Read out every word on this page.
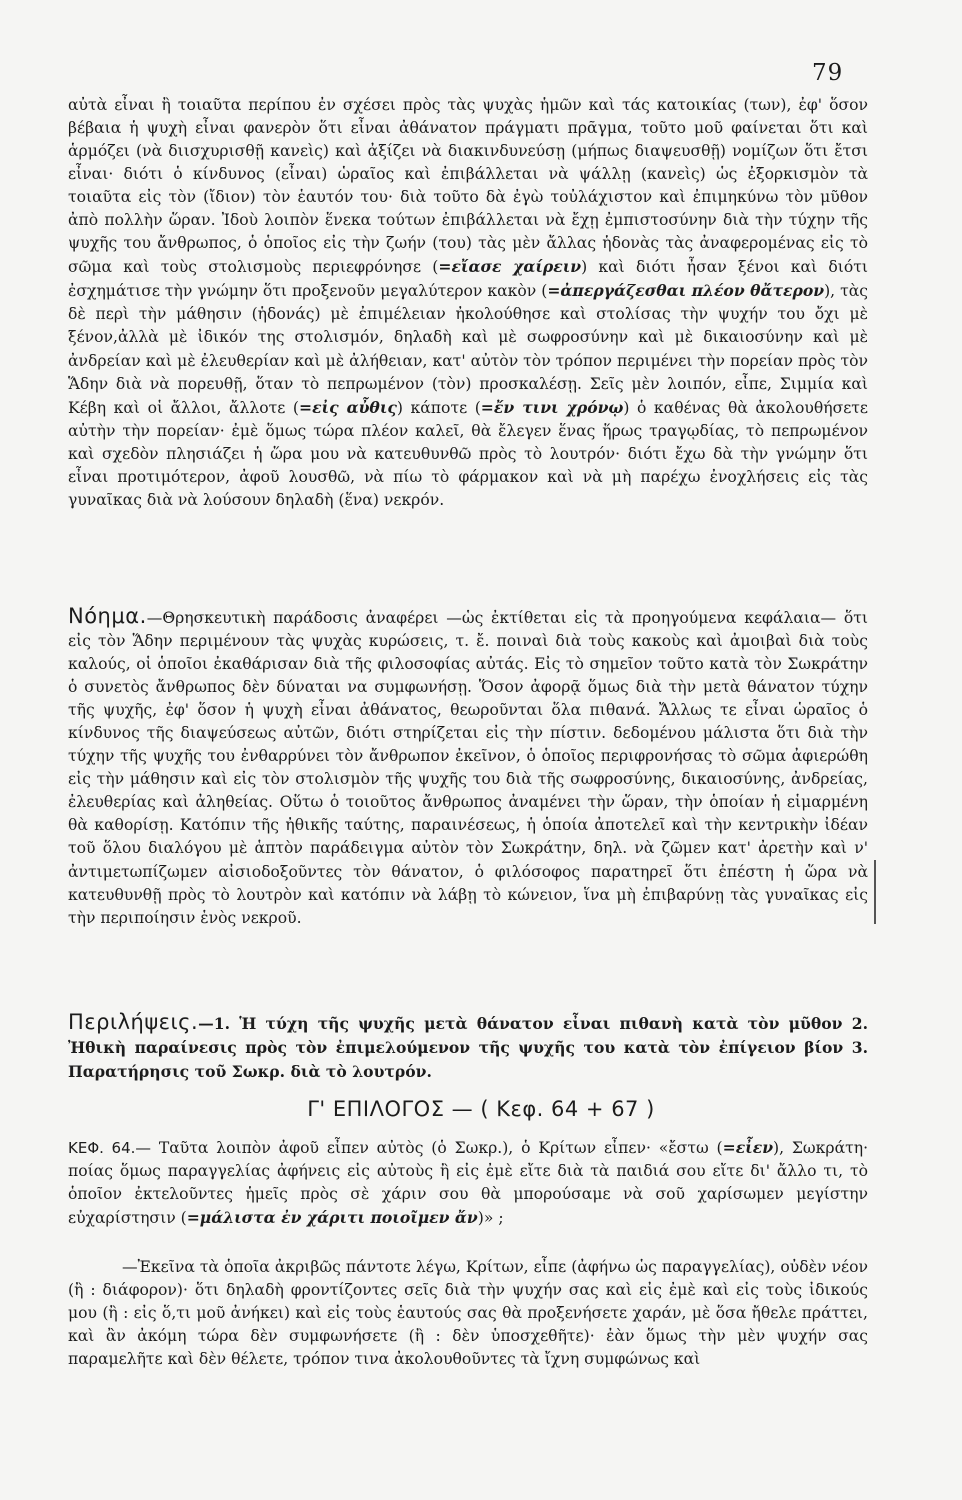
79
αὐτὰ εἶναι ἢ τοιαῦτα περίπου ἐν σχέσει πρὸς τὰς ψυχὰς ἡμῶν καὶ τάς κατοικίας (των), ἐφ' ὅσον βέβαια ἡ ψυχὴ εἶναι φανερὸν ὅτι εἶναι ἀθάνατον πράγματι πρᾶγμα, τοῦτο μοῦ φαίνεται ὅτι καὶ ἁρμόζει (νὰ διισχυρισθῇ κανεὶς) καὶ ἀξίζει νὰ διακινδυνεύσῃ (μήπως διαψευσθῇ) νομίζων ὅτι ἔτσι εἶναι· διότι ὁ κίνδυνος (εἶναι) ὡραῖος καὶ ἐπιβάλλεται νὰ ψάλλῃ (κανεὶς) ὡς ἐξορκισμὸν τὰ τοιαῦτα εἰς τὸν (ἴδιον) τὸν ἑαυτόν του· διὰ τοῦτο δὰ ἐγὼ τοὐλάχιστον καὶ ἐπιμηκύνω τὸν μῦθον ἀπὸ πολλὴν ὥραν. Ἰδοὺ λοιπὸν ἕνεκα τούτων ἐπιβάλλεται νὰ ἔχῃ ἐμπιστοσύνην διὰ τὴν τύχην τῆς ψυχῆς του ἄνθρωπος, ὁ ὁποῖος εἰς τὴν ζωήν (του) τὰς μὲν ἄλλας ἡδονὰς τὰς ἀναφερομένας εἰς τὸ σῶμα καὶ τοὺς στολισμοὺς περιεφρόνησε (=εἴασε χαίρειν) καὶ διότι ἦσαν ξένοι καὶ διότι ἐσχημάτισε τὴν γνώμην ὅτι προξενοῦν μεγαλύτερον κακὸν (=ἀπεργάζεσθαι πλέον θἄτερον), τὰς δὲ περὶ τὴν μάθησιν (ἡδονάς) μὲ ἐπιμέλειαν ἠκολούθησε καὶ στολίσας τὴν ψυχήν του ὄχι μὲ ξένον,ἀλλὰ μὲ ἰδικόν της στολισμόν, δηλαδὴ καὶ μὲ σωφροσύνην καὶ μὲ δικαιοσύνην καὶ μὲ ἀνδρείαν καὶ μὲ ἐλευθερίαν καὶ μὲ ἀλήθειαν, κατ' αὐτὸν τὸν τρόπον περιμένει τὴν πορείαν πρὸς τὸν Ἅδην διὰ νὰ πορευθῇ, ὅταν τὸ πεπρωμένον (τὸν) προσκαλέσῃ. Σεῖς μὲν λοιπόν, εἶπε, Σιμμία καὶ Κέβη καὶ οἱ ἄλλοι, ἄλλοτε (=εἰς αὖθις) κάποτε (=ἔν τινι χρόνῳ) ὁ καθένας θὰ ἀκολουθήσετε αὐτὴν τὴν πορείαν· ἐμὲ ὅμως τώρα πλέον καλεῖ, θὰ ἔλεγεν ἕνας ἥρως τραγῳδίας, τὸ πεπρωμένον καὶ σχεδὸν πλησιάζει ἡ ὥρα μου νὰ κατευθυνθῶ πρὸς τὸ λουτρόν· διότι ἔχω δὰ τὴν γνώμην ὅτι εἶναι προτιμότερον, ἀφοῦ λουσθῶ, νὰ πίω τὸ φάρμακον καὶ νὰ μὴ παρέχω ἐνοχλήσεις εἰς τὰς γυναῖκας διὰ νὰ λούσουν δηλαδὴ (ἕνα) νεκρόν.
Νόημα.—Θρησκευτικὴ παράδοσις ἀναφέρει —ὡς ἐκτίθεται εἰς τὰ προηγούμενα κεφάλαια— ὅτι εἰς τὸν Ἅδην περιμένουν τὰς ψυχὰς κυρώσεις, τ. ἔ. ποιναὶ διὰ τοὺς κακοὺς καὶ ἀμοιβαὶ διὰ τοὺς καλούς, οἱ ὁποῖοι ἐκαθάρισαν διὰ τῆς φιλοσοφίας αὐτάς. Εἰς τὸ σημεῖον τοῦτο κατὰ τὸν Σωκράτην ὁ συνετὸς ἄνθρωπος δὲν δύναται να συμφωνήσῃ. Ὅσον ἀφορᾷ ὅμως διὰ τὴν μετὰ θάνατον τύχην τῆς ψυχῆς, ἐφ' ὅσον ἡ ψυχὴ εἶναι ἀθάνατος, θεωροῦνται ὅλα πιθανά. Ἄλλως τε εἶναι ὡραῖος ὁ κίνδυνος τῆς διαψεύσεως αὐτῶν, διότι στηρίζεται εἰς τὴν πίστιν. δεδομένου μάλιστα ὅτι διὰ τὴν τύχην τῆς ψυχῆς του ἐνθαρρύνει τὸν ἄνθρωπον ἐκεῖνον, ὁ ὁποῖος περιφρονήσας τὸ σῶμα ἀφιερώθη εἰς τὴν μάθησιν καὶ εἰς τὸν στολισμὸν τῆς ψυχῆς του διὰ τῆς σωφροσύνης, δικαιοσύνης, ἀνδρείας, ἐλευθερίας καὶ ἀληθείας. Οὕτω ὁ τοιοῦτος ἄνθρωπος ἀναμένει τὴν ὥραν, τὴν ὁποίαν ἡ εἱμαρμένη θὰ καθορίσῃ. Κατόπιν τῆς ἠθικῆς ταύτης, παραινέσεως, ἡ ὁποία ἀποτελεῖ καὶ τὴν κεντρικὴν ἰδέαν τοῦ ὅλου διαλόγου μὲ ἁπτὸν παράδειγμα αὐτὸν τὸν Σωκράτην, δηλ. νὰ ζῶμεν κατ' ἀρετὴν καὶ ν' ἀντιμετωπίζωμεν αἰσιοδοξοῦντες τὸν θάνατον, ὁ φιλόσοφος παρατηρεῖ ὅτι ἐπέστη ἡ ὥρα νὰ κατευθυνθῇ πρὸς τὸ λουτρὸν καὶ κατόπιν νὰ λάβῃ τὸ κώνειον, ἵνα μὴ ἐπιβαρύνῃ τὰς γυναῖκας εἰς τὴν περιποίησιν ἑνὸς νεκροῦ.
Περιλήψεις.—1. Ἡ τύχη τῆς ψυχῆς μετὰ θάνατον εἶναι πιθανὴ κατὰ τὸν μῦθον 2. Ἠθικὴ παραίνεσις πρὸς τὸν ἐπιμελούμενον τῆς ψυχῆς του κατὰ τὸν ἐπίγειον βίον 3. Παρατήρησις τοῦ Σωκρ. διὰ τὸ λουτρόν.
Γ' ΕΠΙΛΟΓΟΣ — ( Κεφ. 64 + 67 )
ΚΕΦ. 64.— Ταῦτα λοιπὸν ἀφοῦ εἶπεν αὐτὸς (ὁ Σωκρ.), ὁ Κρίτων εἶπεν· «ἔστω (=εἶεν), Σωκράτη· ποίας ὅμως παραγγελίας ἀφήνεις εἰς αὐτοὺς ἢ εἰς ἐμὲ εἴτε διὰ τὰ παιδιά σου εἴτε δι' ἄλλο τι, τὸ ὁποῖον ἐκτελοῦντες ἡμεῖς πρὸς σὲ χάριν σου θὰ μπορούσαμε νὰ σοῦ χαρίσωμεν μεγίστην εὐχαρίστησιν (=μάλιστα ἐν χάριτι ποιοῖμεν ἄν)» ;
—Ἐκεῖνα τὰ ὁποῖα ἀκριβῶς πάντοτε λέγω, Κρίτων, εἶπε (ἀφήνω ὡς παραγγελίας), οὐδὲν νέον (ἢ : διάφορον)· ὅτι δηλαδὴ φροντίζοντες σεῖς διὰ τὴν ψυχήν σας καὶ εἰς ἐμὲ καὶ εἰς τοὺς ἰδικούς μου (ἢ : εἰς ὅ,τι μοῦ ἀνήκει) καὶ εἰς τοὺς ἑαυτούς σας θὰ προξενήσετε χαράν, μὲ ὅσα ἤθελε πράττει, καὶ ἂν ἀκόμη τώρα δὲν συμφωνήσετε (ἢ : δὲν ὑποσχεθῆτε)· ἐὰν ὅμως τὴν μὲν ψυχήν σας παραμελῆτε καὶ δὲν θέλετε, τρόπον τινα ἀκολουθοῦντες τὰ ἴχνη συμφώνως καὶ
